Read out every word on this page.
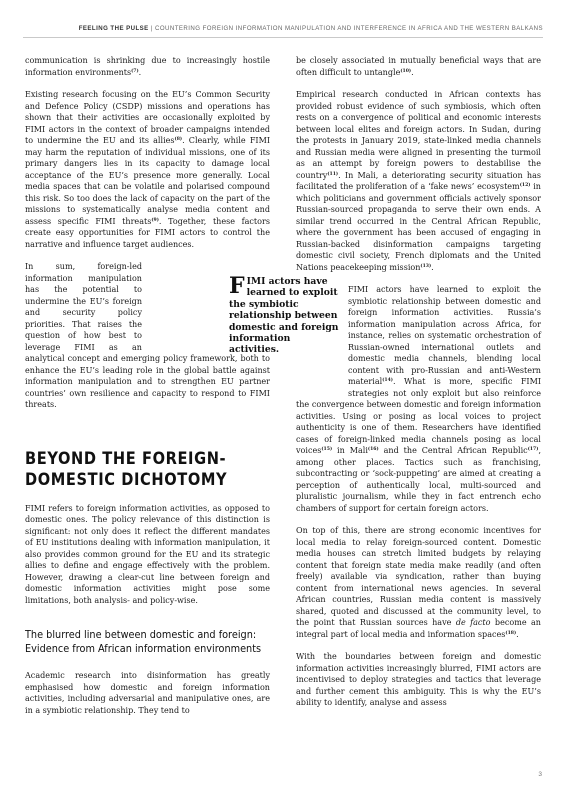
FEELING THE PULSE | COUNTERING FOREIGN INFORMATION MANIPULATION AND INTERFERENCE IN AFRICA AND THE WESTERN BALKANS

communication is shrinking due to increasingly hostile information environments$^{(7)}$.

Existing research focusing on the EU’s Common Security and Defence Policy (CSDP) missions and operations has shown that their activities are occasionally exploited by FIMI actors in the context of broader campaigns intended to undermine the EU and its allies$^{(8)}$. Clearly, while FIMI may harm the reputation of individual missions, one of its primary dangers lies in its capacity to damage local acceptance of the EU’s presence more generally. Local media spaces that can be volatile and polarised compound this risk. So too does the lack of capacity on the part of the missions to systematically analyse media content and assess specific FIMI threats$^{(9)}$. Together, these factors create easy opportunities for FIMI actors to control the narrative and influence target audiences.

In sum, foreign-led information manipulation has the potential to undermine the EU’s foreign and security policy priorities. That raises the question of how best to leverage FIMI as an analytical concept and emerging policy framework, both to enhance the EU’s leading role in the global battle against information manipulation and to strengthen EU partner countries’ own resilience and capacity to respond to FIMI threats.

BEYOND THE FOREIGN-
DOMESTIC DICHOTOMY

FIMI refers to foreign information activities, as opposed to domestic ones. The policy relevance of this distinction is significant: not only does it reflect the different mandates of EU institutions dealing with information manipulation, it also provides common ground for the EU and its strategic allies to define and engage effectively with the problem. However, drawing a clear-cut line between foreign and domestic information activities might pose some limitations, both analysis- and policy-wise.

The blurred line between domestic and foreign: Evidence from African information environments

Academic research into disinformation has greatly emphasised how domestic and foreign information activities, including adversarial and manipulative ones, are in a symbiotic relationship. They tend to

FIMI actors have learned to exploit the symbiotic relationship between domestic and foreign information activities.

be closely associated in mutually beneficial ways that are often difficult to untangle$^{(10)}$.

Empirical research conducted in African contexts has provided robust evidence of such symbiosis, which often rests on a convergence of political and economic interests between local elites and foreign actors. In Sudan, during the protests in January 2019, state-linked media channels and Russian media were aligned in presenting the turmoil as an attempt by foreign powers to destabilise the country$^{(11)}$. In Mali, a deteriorating security situation has facilitated the proliferation of a ‘fake news’ ecosystem$^{(12)}$ in which politicians and government officials actively sponsor Russian-sourced propaganda to serve their own ends. A similar trend occurred in the Central African Republic, where the government has been accused of engaging in Russian-backed disinformation campaigns targeting domestic civil society, French diplomats and the United Nations peacekeeping mission$^{(13)}$.

FIMI actors have learned to exploit the symbiotic relationship between domestic and foreign information activities. Russia’s information manipulation across Africa, for instance, relies on systematic orchestration of Russian-owned international outlets and domestic media channels, blending local content with pro-Russian and anti-Western material$^{(14)}$. What is more, specific FIMI strategies not only exploit but also reinforce the convergence between domestic and foreign information activities. Using or posing as local voices to project authenticity is one of them. Researchers have identified cases of foreign-linked media channels posing as local voices$^{(15)}$ in Mali$^{(16)}$ and the Central African Republic$^{(17)}$, among other places. Tactics such as franchising, subcontracting or ‘sock-puppeting’ are aimed at creating a perception of authentically local, multi-sourced and pluralistic journalism, while they in fact entrench echo chambers of support for certain foreign actors.

On top of this, there are strong economic incentives for local media to relay foreign-sourced content. Domestic media houses can stretch limited budgets by relaying content that foreign state media make readily (and often freely) available via syndication, rather than buying content from international news agencies. In several African countries, Russian media content is massively shared, quoted and discussed at the community level, to the point that Russian sources have de facto become an integral part of local media and information spaces$^{(18)}$.

With the boundaries between foreign and domestic information activities increasingly blurred, FIMI actors are incentivised to deploy strategies and tactics that leverage and further cement this ambiguity. This is why the EU’s ability to identify, analyse and assess

3
